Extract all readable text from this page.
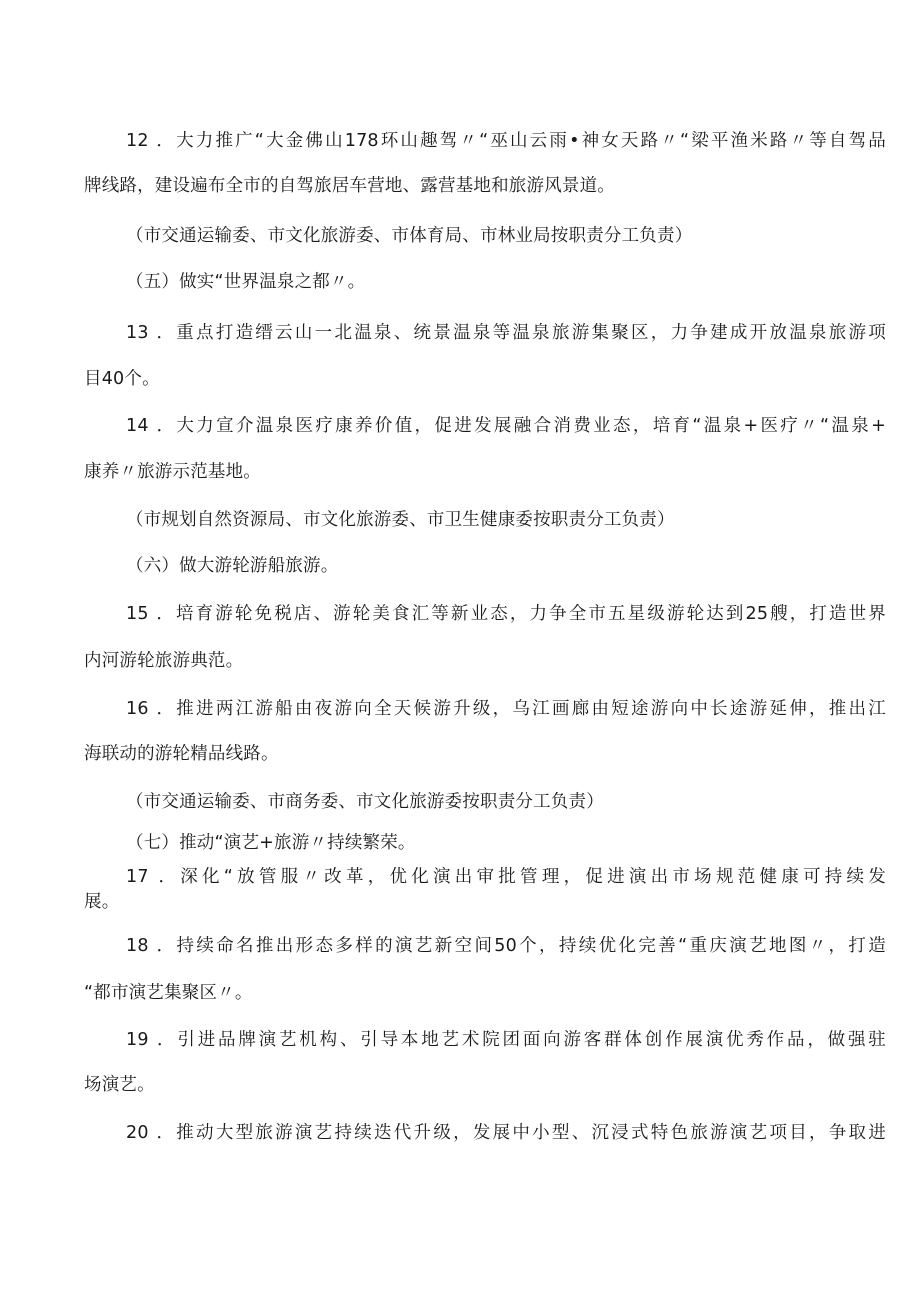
12 ．大力推广“大金佛山178环山趣驾〃“巫山云雨•神女天路〃“梁平渔米路〃等自驾品
牌线路，建设遍布全市的自驾旅居车营地、露营基地和旅游风景道。
（市交通运输委、市文化旅游委、市体育局、市林业局按职责分工负责）
（五）做实“世界温泉之都〃。
13 ．重点打造缙云山一北温泉、统景温泉等温泉旅游集聚区，力争建成开放温泉旅游项
目40个。
14 ．大力宣介温泉医疗康养价值，促进发展融合消费业态，培育“温泉+医疗〃“温泉+
康养〃旅游示范基地。
（市规划自然资源局、市文化旅游委、市卫生健康委按职责分工负责）
（六）做大游轮游船旅游。
15 ．培育游轮免税店、游轮美食汇等新业态，力争全市五星级游轮达到25艘，打造世界
内河游轮旅游典范。
16 ．推进两江游船由夜游向全天候游升级，乌江画廊由短途游向中长途游延伸，推出江
海联动的游轮精品线路。
（市交通运输委、市商务委、市文化旅游委按职责分工负责）
（七）推动“演艺+旅游〃持续繁荣。
17 ．深化“放管服〃改革，优化演出审批管理，促进演出市场规范健康可持续发
展。
18 ．持续命名推出形态多样的演艺新空间50个，持续优化完善“重庆演艺地图〃，打造
“都市演艺集聚区〃。
19 ．引进品牌演艺机构、引导本地艺术院团面向游客群体创作展演优秀作品，做强驻
场演艺。
20 ．推动大型旅游演艺持续迭代升级，发展中小型、沉浸式特色旅游演艺项目，争取进
